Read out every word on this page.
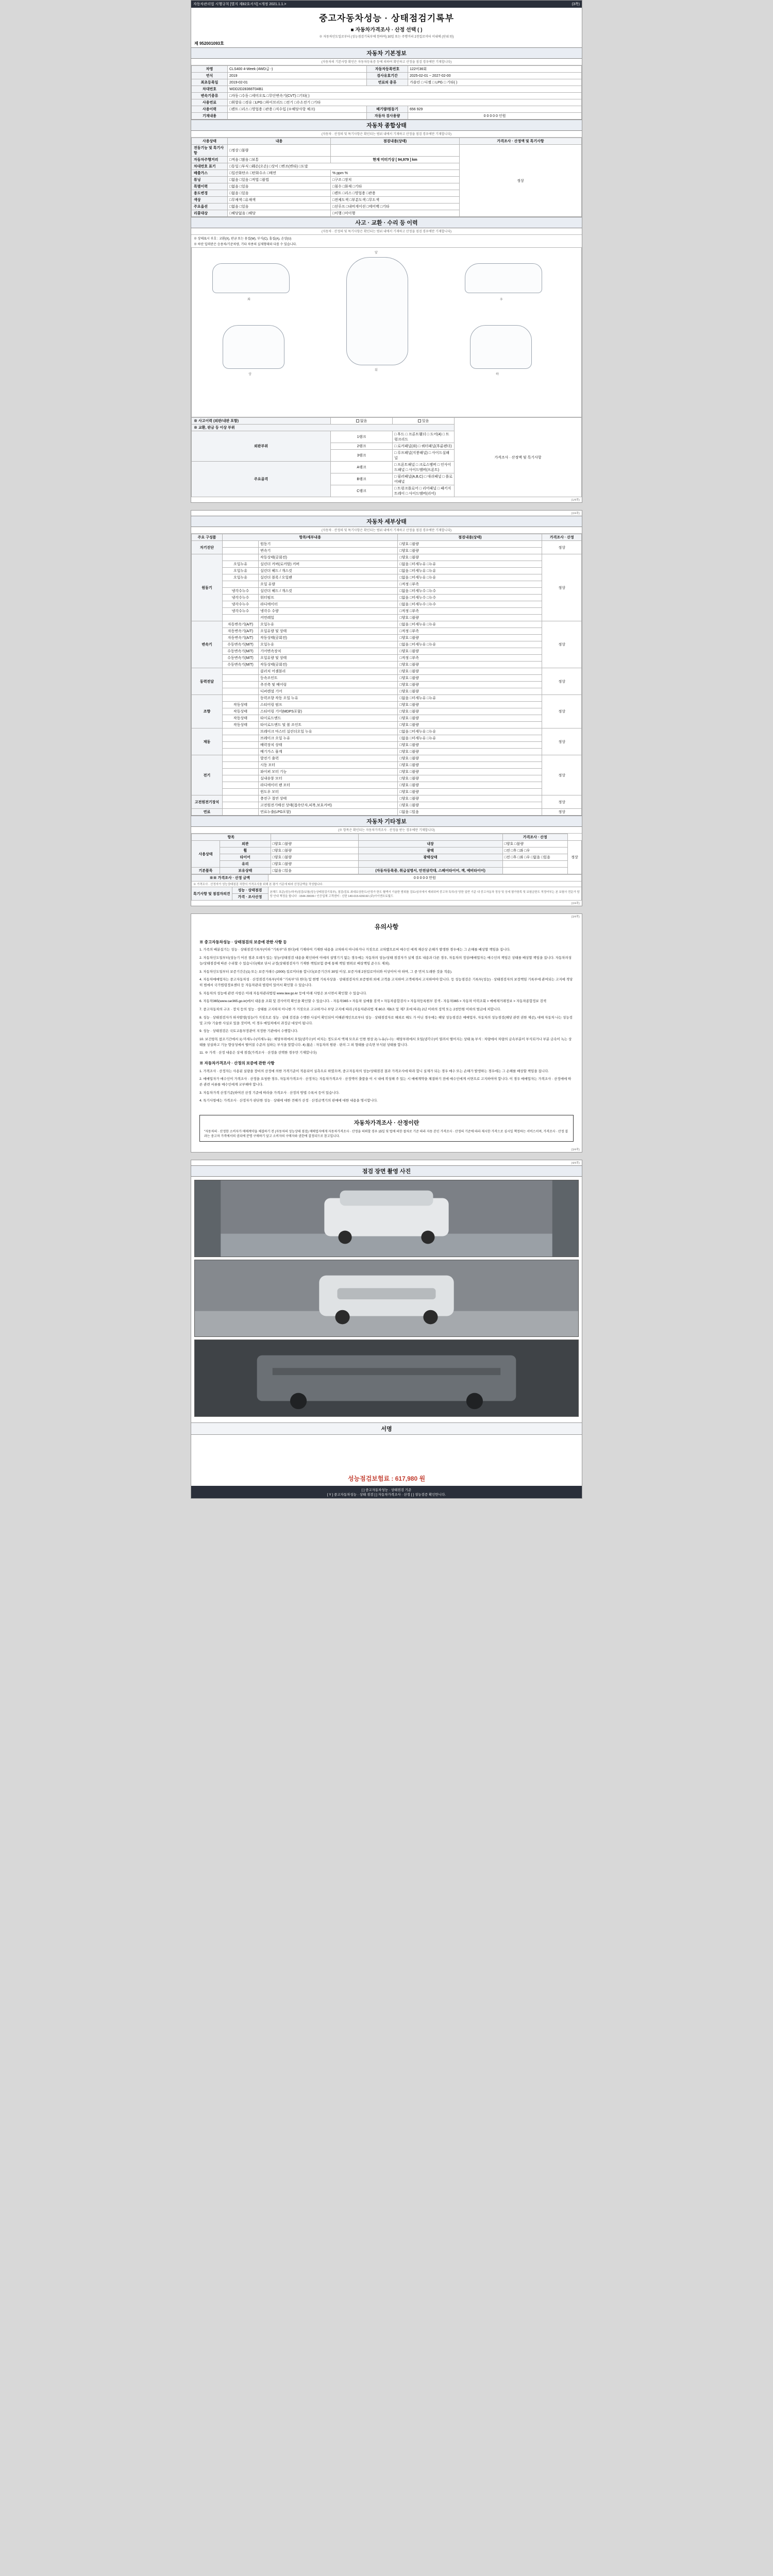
자동차관리법 시행규칙 [별지 제82호서식] <개정 2021.1.1.>	(3쪽)
중고자동차성능 · 상태점검기록부
■ 자동차가격조사 · 산정 선택 ( )
※ 자동차인도일로부터 (성능점검기록부에 한하여) 30일 또는 주행거리 2천킬로미터 이내에 (단위:원)
제 952001093호
자동차 기본정보
(자동차의 기본사항 확인은 자동차등록증 등에 의하여 확인하고 산정을 점검 경우에만 기재합니다)
차명	CLS400 4-Week (4WD급 -)	자동차등록번호	122비36회
연식	2019	검사유효기간	2025-02-01 ~ 2027-02-00
최초등록일	2019-02-01	연료의 종류	가솔린 □ 디젤 □ LPG □ 기타( )
차대번호	WDD2D28366T04B1		
변속기종류	□자동 □수동 □세미오토 □무단변속기(CVT) □기타( )		
사용연료	□휘발유 □경유 □LPG □하이브리드 □전기 □수소전기 □기타		
사용이력	□렌트 □리스 □영업용 □관용 □직수입 (※해당사항 체크)	배기량/원동기	656 929
기재내용		자동차 검사용량	0 0 0 0 0 인원
자동차 종합상태
(자동차 · 산정의 및 특기사항은 확인되는 범위 내에서 기재하고 산정을 점검 경우에만 기재합니다)
사용상태	내용	점검내용(상태)	가격조사 · 산정액 및 특기사항
전동기능 및 특기사항	□정상 □불량		정상
자동차주행거리	□적음 □많음 □보통	현재 미터기상 [ 94,979 ] km	
차대번호 표기	□동일 □부식 □훼손(오손) □상이 □변조(변타) □도말		
배출가스	□일산화탄소 □탄화수소 □매연	% ppm %	
튜닝	□없음 □있음 □적법 □불법	□구조 □장치	
특별이력	□없음 □있음	□침수 □화재 □기타	
용도변경	□없음 □있음	□렌트 □리스 □영업용 □관용	
색상	□무채색 □유채색	□전체도색 □부분도색 □무도색	
주요옵션	□없음 □있음	□선루프 □내비게이션 □에어백 □기타	
리콜대상	□해당없음 □해당	□이행 □미이행	
사고 · 교환 · 수리 등 이력
(자동차 · 산정의 및 특기사항은 확인되는 범위 내에서 기재하고 산정을 점검 경우에만 기재합니다)
※ 상태표시 부호 : 교환(X), 판금 또는 용접(W), 부식(C), 흠집(A), 손상(U)
※ 하단 입력란은 승용차/기준차량, 기타 차종의 실제형태와 다를 수 있습니다.
좌	우
앞
뒤
상	하
※ 사고이력 (외판/내판 포함)	없음	있음	가격조사 · 산정액 및 특기사항
※ 교환, 판금 등 이상 부위			
외판부위	1랭크	□ 후드 □ 프론트휀더 □ 도어(4) □ 트렁크리드	
	2랭크	□ 로커패널(좌) □ 쿼터패널(후륜펜더)	
	3랭크	□ 루프패널(지붕패널) □ 사이드실패널	
주요골격	A랭크	□ 프론트패널 □ 크로스멤버 □ 인사이드패널 □ 사이드멤버(프론트)	
	B랭크	□ 필러패널(A,B,C) □ 대쉬패널 □ 플로어패널	
	C랭크	□ 트렁크플로어 □ 리어패널 □ 패키지트레이 □ 사이드멤버(리어)	
(1/4쪽)
(2/4쪽)
자동차 세부상태
(자동차 · 산정의 및 특기사항은 확인되는 범위 내에서 기재하고 산정을 점검 경우에만 기재합니다)
주요 구성품	항목/세부내용		점검내용(상태)	가격조사 · 산정
자기진단		원동기	□양호 □불량	정상
		변속기	□양호 □불량	
원동기		작동상태(공회전)	□양호 □불량	정상
	오일누유	실린더 커버(로커암) 커버	□없음 □미세누유 □누유	
	오일누유	실린더 헤드 / 개스킷	□없음 □미세누유 □누유	
	오일누유	실린더 블록 / 오일팬	□없음 □미세누유 □누유	
		오일 유량	□적정 □부족	
	냉각수누수	실린더 헤드 / 개스킷	□없음 □미세누수 □누수	
	냉각수누수	워터펌프	□없음 □미세누수 □누수	
	냉각수누수	라디에이터	□없음 □미세누수 □누수	
	냉각수누수	냉각수 수량	□적정 □부족	
		커먼레일	□양호 □불량	
변속기	자동변속기(A/T)	오일누유	□없음 □미세누유 □누유	정상
	자동변속기(A/T)	오일유량 및 상태	□적정 □부족	
	자동변속기(A/T)	작동상태(공회전)	□양호 □불량	
	수동변속기(M/T)	오일누유	□없음 □미세누유 □누유	
	수동변속기(M/T)	기어변속장치	□양호 □불량	
	수동변속기(M/T)	오일유량 및 상태	□적정 □부족	
	수동변속기(M/T)	작동상태(공회전)	□양호 □불량	
동력전달		클러치 어셈블리	□양호 □불량	정상
		등속조인트	□양호 □불량	
		추진축 및 베어링	□양호 □불량	
		디퍼렌셜 기어	□양호 □불량	
조향		동력조향 작동 오일 누유	□없음 □미세누유 □누유	정상
	작동상태	스티어링 펌프	□양호 □불량	
	작동상태	스티어링 기어(MDPS포함)	□양호 □불량	
	작동상태	타이로드엔드	□양호 □불량	
	작동상태	타이로드엔드 및 볼 조인트	□양호 □불량	
제동		브레이크 마스터 실린더오일 누유	□없음 □미세누유 □누유	정상
		브레이크 오일 누유	□없음 □미세누유 □누유	
		배력장치 상태	□양호 □불량	
		배기가스 물계	□양호 □불량	
전기		발전기 출력	□양호 □불량	정상
		시동 모터	□양호 □불량	
		와이퍼 모터 기능	□양호 □불량	
		실내송풍 모터	□양호 □불량	
		라디에이터 팬 모터	□양호 □불량	
		윈도우 모터	□양호 □불량	
고전원전기장치		충전구 절연 상태	□양호 □불량	정상
		고전원전기배선 상태(접속단자,피복,보호커버)	□양호 □불량	
연료		연료누출(LPG포함)	□없음 □있음	정상
자동차 기타정보
(※ 항목은 확인되는 자동차가격조사 · 산정을 받는 경우에만 기재합니다)
항목				가격조사 · 산정	
사용상태	외관	□양호 □불량	내장	□양호 □불량	정상
	휠	□양호 □불량	광택	□전 □후 □좌 □우	
	타이어	□양호 □불량	광택상태	□전 □후 □좌 □우 □없음 □있음	
	유리	□양호 □불량			
기본품목	보유상태	□없음 □있음	(자동차등록증, 취급설명서, 안전삼각대, 스페어타이어, 잭, 예비타이어)		
※※ 가격조사 · 산정 금액		0 0 0 0 0 만원
※ 가격조사 · 산정자가 성능상태점검 차량의 가격조사를 위해 본 평가 기준에 따라 산정금액을 작성합니다.		
특기사항 및 점검자의견	성능 · 상태점검	본해드 표준(성능/하자)점검/보험(성능상태점검기록부), 점검/검토 최대보상한도/산정가 한도 혈액서 기술한 범위를 검토/심의에서 제외되며 중고차 특히/상 당한 일반 기준 내 중고자동차 정상 및 상세 평가항목 및 보험금한도 적정여부는 본 보험사 전문가 담당 안내 책정을 합니다 : 1544-39039 / 인증업체 고객센터 : 신한 140-015-639192 (주)아이앤오토월드
	가격 · 조사산정	
(2/4쪽)
(3/4쪽)
유의사항
※ 중고자동차성능 · 상태점검의 보증에 관한 사항 등

1. 가족의 배분집기는 성능 · 상태점검기록부(이하 "기록부"라 한다)에 기재하여 기재한 내용을 교차하지 아니하거나 거짓으로 교차했으로써 매수인 에게 재산상 손해가 발생한 경우에는 그 손해를 배상할 책임을 집니다.

2. 자동차인도일부터(성능기 어진 점과 오래가 있는 성능/상태점검 내용을 확인하여 이에의 설명기기 없는 경우에는 자동차의 성능/상태 점검자가 실제 검토 내용과 다른 경우, 자동차의 정상/매매업자는 매수인의 책임은 상태를 배상할 책임을 집니다. 자동차의성능/상태점검에 따른 수리할 수 있습니다(해보 단서 규정(상태점검자가 기재한 책임보험 중에 통해 책임 범위로 배상책임 준수도 제외).

3. 자동차인도일부터 보증기간은(1) 또는 보증거래수 (2000) 킬로미터를 합니다(보증기간의 30일 이상, 보증거래 2천킬로미터와 이상이어 야 하며, 그 중 먼저 도래한 것을 적용).

4. 자동차매매업자는 중고자동차성 · 산정점검기록부(이하 "기록부"라 한다) 및 현행 기록자상을 · 상태점검자의 보증범위 외에 고객을 고지하여 고객에게서 고지하여야 합니다. 등 성능점검은 기록부(성능) · 상태점검자의 보장책임 기록부에 관여되는 고지에 적당히 법에서 국가법령정보센터 등 자동차관리 법령이 있어서 확인할 수 있습니다.

5. 자동차의 성능에 관련 사항은 아래 자동차관리법령 www.law.go.kr 등에 아래 사항은 보시면서 확인할 수 있습니다.

6. 자동차365(www.car365.go.kr)에서 내용을 조회 및 검사이력 확인을 확인할 수 있습니다. - 자동차365 > 자동차 실매물 검색 > 자동차종합검사 > 자동차등록원부 검색 - 자동차365 > 자동차 이력조회 > 매매체거래정보 > 자동차종합정보 검색

7. 중고자동차의 구조 · 장치 등의 성능 · 상태를 고지하지 아니한 가 거짓으로 고교하거나 부당 고지에 따라 (자동차관리법 제 80조 제8조 및 제7 호에 따라) 2년 이하의 징역 또는 2천만원 이하의 벌금에 처합니다.

8. 성능 · 상태점검자가 하자발생(성능/가 거짓으로 성능 · 상태 검검을 수행한 사실이 확인되어 이해관계인으로부터 성능 · 상태점검자로 해외로 해도 가 아닌 경우에는 해당 성능점검은 매매업자, 자동차의 성능점검(해당 관련 권한 제공), 대매 자동차 나는 성능검 및 고의/ 기술한 사실로 있을 것이며, 이 경우 매입처에서 과징금 대상이 됩니다.

9. 성능 · 상태점검은 국토교통부장관이 지정한 기관에서 수행합니다.

10. 보건항목 참조기간에서 1) 미세누수(미세누유) : 해당부위에서 오일(냉각수)이 비치는 정도로서 액체 모으로 인한 현상 2) 누유(누수) : 해당부위에서 오일(냉각수)이 열려서 떨어지는 상태 3) 부식 : 차량에서 차량의 금속부분이 부식되거나 부분 금속이 녹는 상태를 상실하고 기능 향상성에서 떨어질 수준의 심하는 부식을 말합니다. 4) 接손 : 자동차의 원판 · 판의 그 외 형태를 금속면 부식된 상태를 합니다.

11. ※ 가격 · 산정 내용은 상세 점검(가격조사 · 산정을 선택한 경우만 기재합니다)

※ 자동차가격조사 · 산정의 보증에 관한 사항

1. 가격조사 · 산정자는 사용된 실량을 장비의 산정에 의한 가격기준이 적용되어 실측으로 하였으며, 중고자동차의 성능/상태점검 결과 가격조사에 따라 합니 실제가 되는 경우 매수 또는 손해가 발생하는 경우에는 그 손해를 배상할 책임을 집니다.

2. 매매업자가 매수인이 가격조사 · 산정을 요청한 경우, 자동차가격조사 · 산정자는 자동차가격조사 · 산정액이 출품을 이 시 내에 작성해 주 있는 시 매매계약을 체결하기 전에 매수인에게 서면으로 고지하여야 합니다. 이 경우 매매업자는 가격조사 · 산정에에 따른 관련 서류를 매수인에게 교부해야 합니다.

3. 자동차가격 산정기준(하여진 산정 기준에 따라을 가격조사 · 산정의 방법 수록서 등이 있습니다.

4. 특기사항에는 가격조사 · 산정자가 판단한 성능 · 상태에 대한 견해가 산정 · 산정금액기의 판매에 대한 내용을 명시합니다.

자동차가격조사 · 산정이란
"자동차의 · 산정한 소비자가 매매계약을 체결하기 전 (자동차의 성능상태 점검) 매매업자에게 자동차가격조사 · 산정을 의뢰할 경우 15일 및 법에 의한 절차로 기준 따라 자동 본인 가격조사 · 산정의 기준에 따라 제시한 가격으로 심시일 책정하는 서비스이며, 가격조사 · 산정 결과는 중고차 가격에서의 권리에 분명 구매하기 앞고 소비자의 구매자와 권한에 결정되므로 참고입니다.
(3/4쪽)
(4/4쪽)
점검 장면 촬영 사진
서명
성능점검보험료 : 617,980 원
[ ] 중고자동차성능 · 상태점검 기준
[ Y ] 중고자동차성능 · 상태 점검 [ ] 자동차가격조사 · 산정 [ ] 성능검증 확인만니다.
